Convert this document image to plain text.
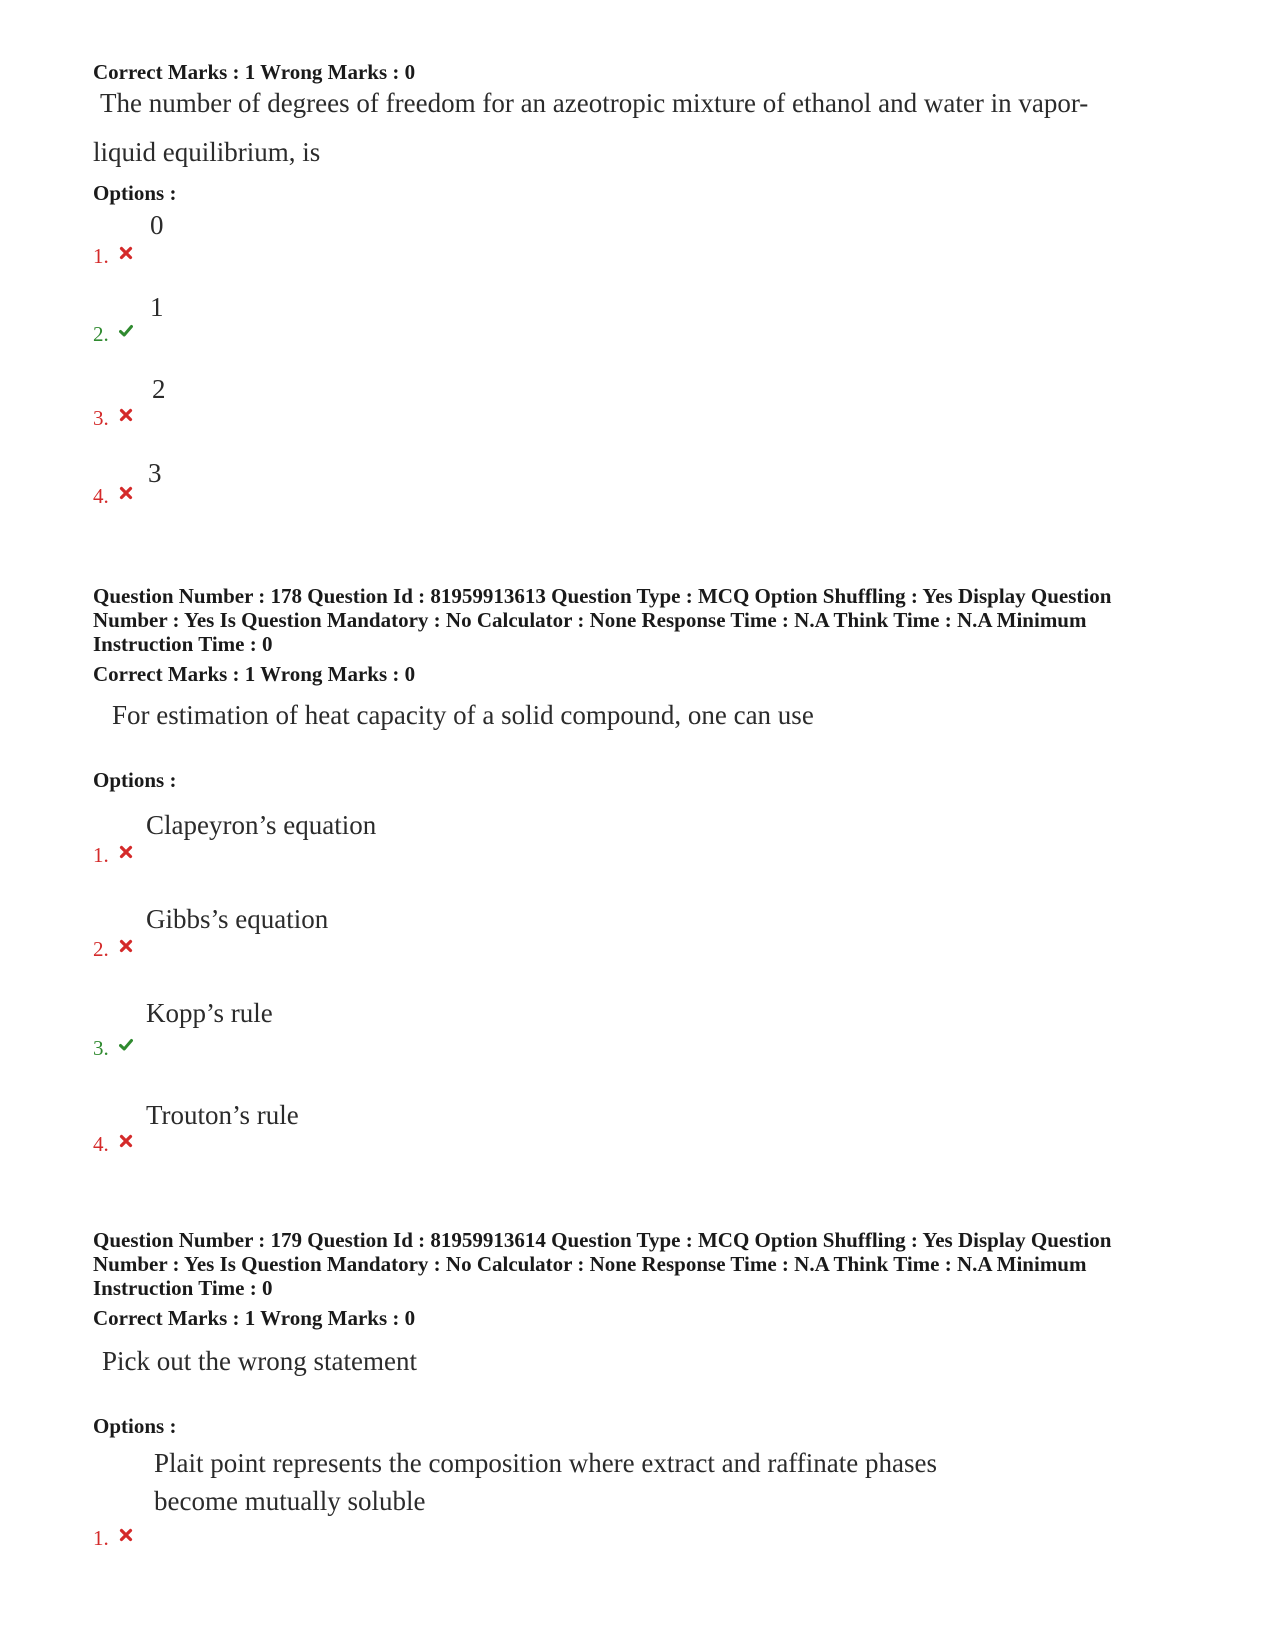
Correct Marks : 1 Wrong Marks : 0
The number of degrees of freedom for an azeotropic mixture of ethanol and water in vapor-
liquid equilibrium, is
Options :
0
1.
1
2.
2
3.
3
4.
Question Number : 178 Question Id : 81959913613 Question Type : MCQ Option Shuffling : Yes Display Question
Number : Yes Is Question Mandatory : No Calculator : None Response Time : N.A Think Time : N.A Minimum
Instruction Time : 0
Correct Marks : 1 Wrong Marks : 0
For estimation of heat capacity of a solid compound, one can use
Options :
Clapeyron’s equation
1.
Gibbs’s equation
2.
Kopp’s rule
3.
Trouton’s rule
4.
Question Number : 179 Question Id : 81959913614 Question Type : MCQ Option Shuffling : Yes Display Question
Number : Yes Is Question Mandatory : No Calculator : None Response Time : N.A Think Time : N.A Minimum
Instruction Time : 0
Correct Marks : 1 Wrong Marks : 0
Pick out the wrong statement
Options :
Plait point represents the composition where extract and raffinate phases
become mutually soluble
1.
